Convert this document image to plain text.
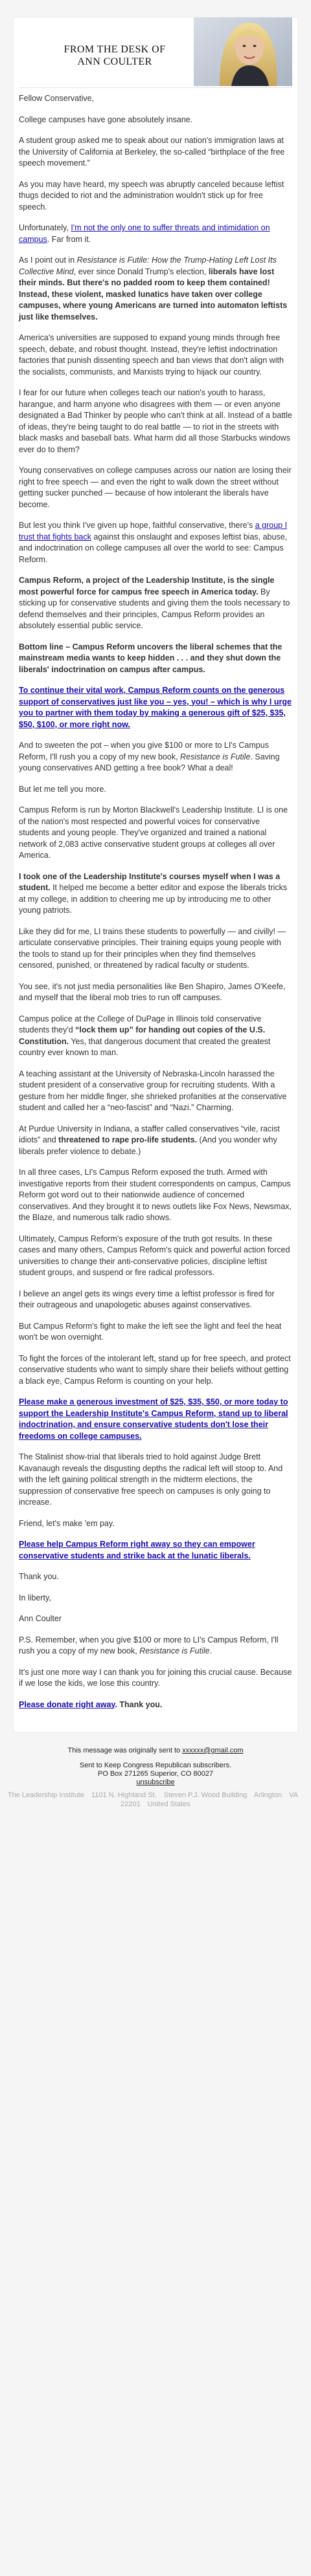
FROM THE DESK OF
ANN COULTER

Fellow Conservative,

College campuses have gone absolutely insane.

A student group asked me to speak about our nation's immigration laws at the University of California at Berkeley, the so-called “birthplace of the free speech movement.”

As you may have heard, my speech was abruptly canceled because leftist thugs decided to riot and the administration wouldn't stick up for free speech.

Unfortunately, I'm not the only one to suffer threats and intimidation on campus. Far from it.

As I point out in Resistance is Futile: How the Trump-Hating Left Lost Its Collective Mind, ever since Donald Trump's election, liberals have lost their minds. But there's no padded room to keep them contained! Instead, these violent, masked lunatics have taken over college campuses, where young Americans are turned into automaton leftists just like themselves.

America's universities are supposed to expand young minds through free speech, debate, and robust thought. Instead, they're leftist indoctrination factories that punish dissenting speech and ban views that don't align with the socialists, communists, and Marxists trying to hijack our country.

I fear for our future when colleges teach our nation's youth to harass, harangue, and harm anyone who disagrees with them — or even anyone designated a Bad Thinker by people who can't think at all. Instead of a battle of ideas, they're being taught to do real battle — to riot in the streets with black masks and baseball bats. What harm did all those Starbucks windows ever do to them?

Young conservatives on college campuses across our nation are losing their right to free speech — and even the right to walk down the street without getting sucker punched — because of how intolerant the liberals have become.

But lest you think I've given up hope, faithful conservative, there's a group I trust that fights back against this onslaught and exposes leftist bias, abuse, and indoctrination on college campuses all over the world to see: Campus Reform.

Campus Reform, a project of the Leadership Institute, is the single most powerful force for campus free speech in America today. By sticking up for conservative students and giving them the tools necessary to defend themselves and their principles, Campus Reform provides an absolutely essential public service.

Bottom line – Campus Reform uncovers the liberal schemes that the mainstream media wants to keep hidden . . . and they shut down the liberals' indoctrination on campus after campus.

To continue their vital work, Campus Reform counts on the generous support of conservatives just like you – yes, you! – which is why I urge you to partner with them today by making a generous gift of $25, $35, $50, $100, or more right now.

And to sweeten the pot – when you give $100 or more to LI's Campus Reform, I'll rush you a copy of my new book, Resistance is Futile. Saving young conservatives AND getting a free book? What a deal!

But let me tell you more.

Campus Reform is run by Morton Blackwell's Leadership Institute. LI is one of the nation's most respected and powerful voices for conservative students and young people. They've organized and trained a national network of 2,083 active conservative student groups at colleges all over America.

I took one of the Leadership Institute's courses myself when I was a student. It helped me become a better editor and expose the liberals tricks at my college, in addition to cheering me up by introducing me to other young patriots.

Like they did for me, LI trains these students to powerfully — and civilly! — articulate conservative principles. Their training equips young people with the tools to stand up for their principles when they find themselves censored, punished, or threatened by radical faculty or students.

You see, it's not just media personalities like Ben Shapiro, James O'Keefe, and myself that the liberal mob tries to run off campuses.

Campus police at the College of DuPage in Illinois told conservative students they'd “lock them up” for handing out copies of the U.S. Constitution. Yes, that dangerous document that created the greatest country ever known to man.

A teaching assistant at the University of Nebraska-Lincoln harassed the student president of a conservative group for recruiting students. With a gesture from her middle finger, she shrieked profanities at the conservative student and called her a “neo-fascist” and “Nazi.” Charming.

At Purdue University in Indiana, a staffer called conservatives “vile, racist idiots” and threatened to rape pro-life students. (And you wonder why liberals prefer violence to debate.)

In all three cases, LI's Campus Reform exposed the truth. Armed with investigative reports from their student correspondents on campus, Campus Reform got word out to their nationwide audience of concerned conservatives. And they brought it to news outlets like Fox News, Newsmax, the Blaze, and numerous talk radio shows.

Ultimately, Campus Reform's exposure of the truth got results. In these cases and many others, Campus Reform's quick and powerful action forced universities to change their anti-conservative policies, discipline leftist student groups, and suspend or fire radical professors.

I believe an angel gets its wings every time a leftist professor is fired for their outrageous and unapologetic abuses against conservatives.

But Campus Reform's fight to make the left see the light and feel the heat won't be won overnight.

To fight the forces of the intolerant left, stand up for free speech, and protect conservative students who want to simply share their beliefs without getting a black eye, Campus Reform is counting on your help.

Please make a generous investment of $25, $35, $50, or more today to support the Leadership Institute's Campus Reform, stand up to liberal indoctrination, and ensure conservative students don't lose their freedoms on college campuses.

The Stalinist show-trial that liberals tried to hold against Judge Brett Kavanaugh reveals the disgusting depths the radical left will stoop to. And with the left gaining political strength in the midterm elections, the suppression of conservative free speech on campuses is only going to increase.

Friend, let's make 'em pay.

Please help Campus Reform right away so they can empower conservative students and strike back at the lunatic liberals.

Thank you.

In liberty,

Ann Coulter

P.S. Remember, when you give $100 or more to LI's Campus Reform, I'll rush you a copy of my new book, Resistance is Futile.

It's just one more way I can thank you for joining this crucial cause. Because if we lose the kids, we lose this country.

Please donate right away. Thank you.

This message was originally sent to xxxxxx@gmail.com
Sent to Keep Congress Republican subscribers.
PO Box 271265 Superior, CO 80027
unsubscribe
The Leadership Institute 1101 N. Highland St. Steven P.J. Wood Building Arlington VA 22201 United States
